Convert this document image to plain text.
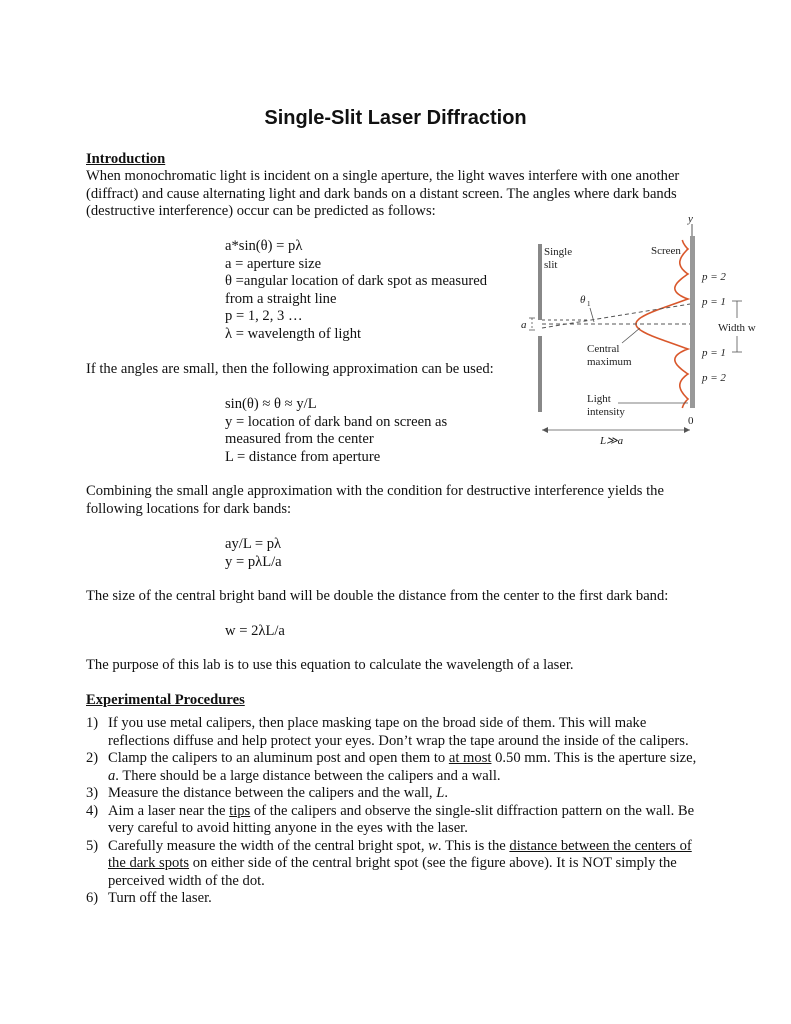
Single-Slit Laser Diffraction

Introduction

When monochromatic light is incident on a single aperture, the light waves interfere with one another (diffract) and cause alternating light and dark bands on a distant screen. The angles where dark bands (destructive interference) occur can be predicted as follows:

a*sin(θ) = pλ
a = aperture size
θ =angular location of dark spot as measured
from a straight line
p = 1, 2, 3 …
λ = wavelength of light

If the angles are small, then the following approximation can be used:

sin(θ) ≈ θ ≈ y/L
y = location of dark band on screen as
measured from the center
L = distance from aperture

Combining the small angle approximation with the condition for destructive interference yields the following locations for dark bands:

ay/L = pλ
y = pλL/a

The size of the central bright band will be double the distance from the center to the first dark band:

w = 2λL/a

The purpose of this lab is to use this equation to calculate the wavelength of a laser.

y
θ 1
a
Single
slit
Screen
Central
maximum
Light
intensity
0
L≫a
p = 2
p = 1
p = 1
p = 2
Width w

Experimental Procedures

1) If you use metal calipers, then place masking tape on the broad side of them. This will make reflections diffuse and help protect your eyes. Don’t wrap the tape around the inside of the calipers.
2) Clamp the calipers to an aluminum post and open them to at most 0.50 mm. This is the aperture size, a. There should be a large distance between the calipers and a wall.
3) Measure the distance between the calipers and the wall, L.
4) Aim a laser near the tips of the calipers and observe the single-slit diffraction pattern on the wall. Be very careful to avoid hitting anyone in the eyes with the laser.
5) Carefully measure the width of the central bright spot, w. This is the distance between the centers of the dark spots on either side of the central bright spot (see the figure above). It is NOT simply the perceived width of the dot.
6) Turn off the laser.
